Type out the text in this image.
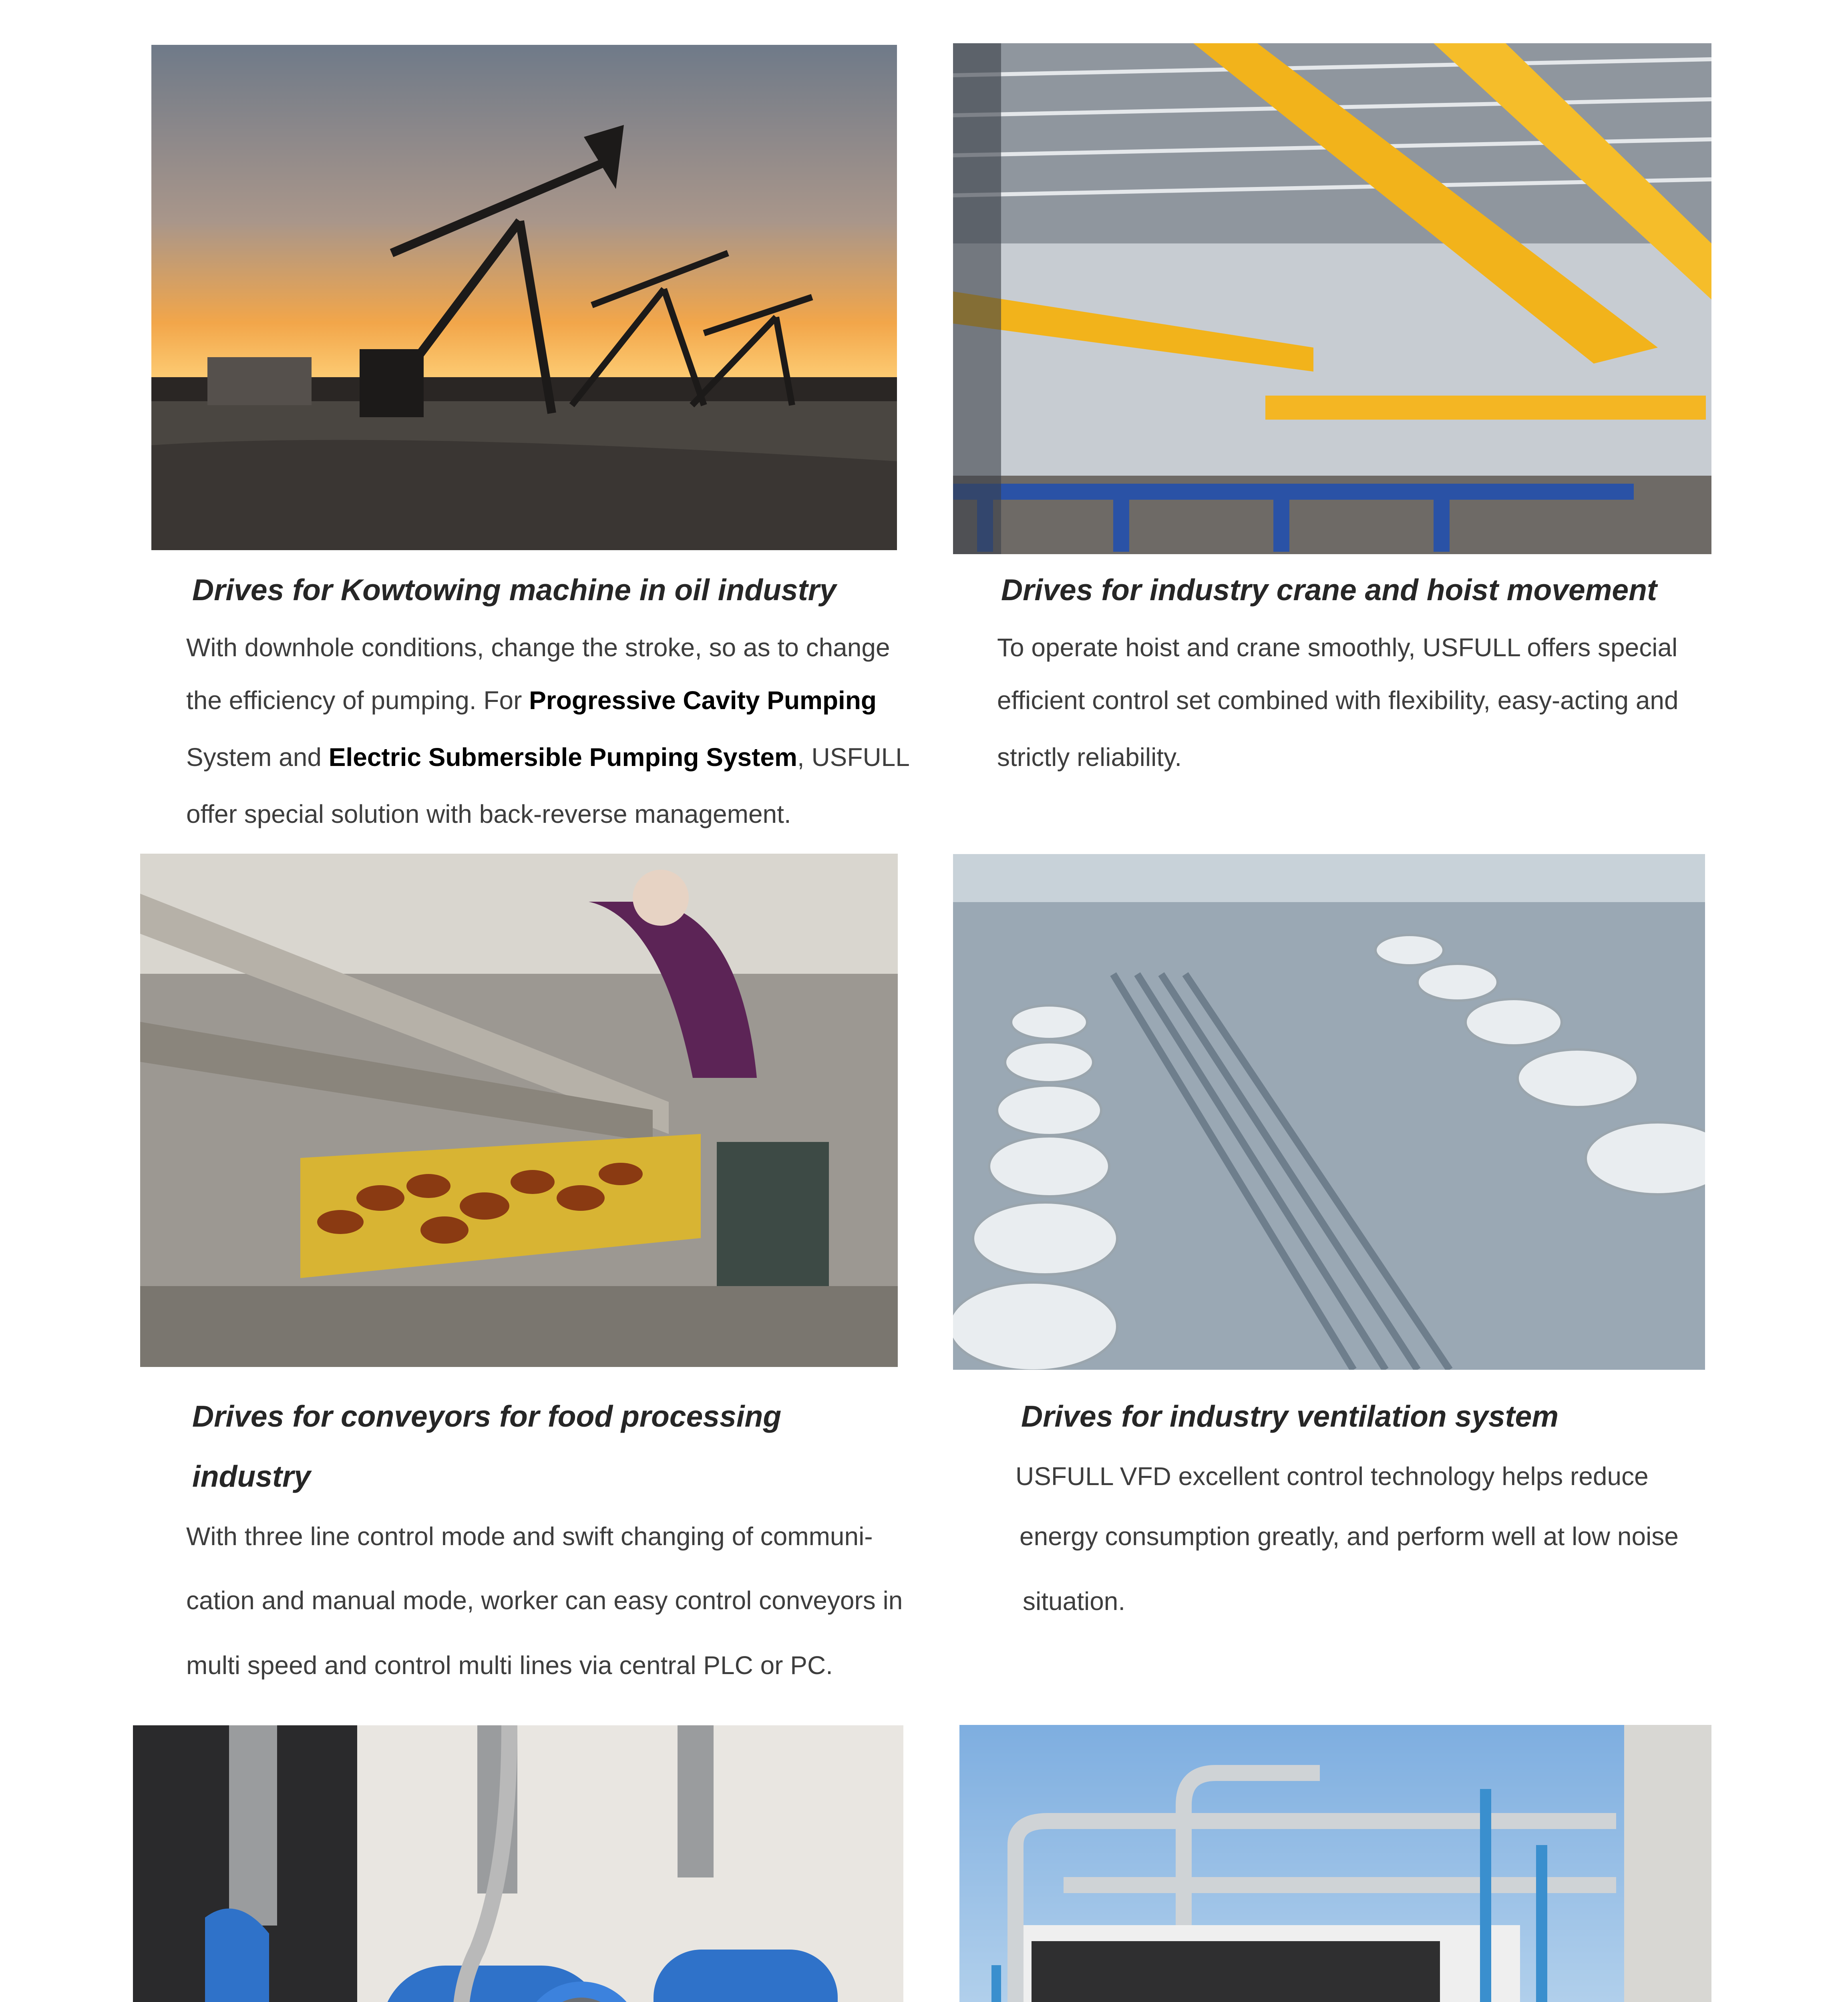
Drives for Kowtowing machine in oil industry
With downhole conditions, change the stroke, so as to change
the efficiency of pumping. For Progressive Cavity Pumping
System and Electric Submersible Pumping System, USFULL
offer special solution with back-reverse management.
Drives for industry crane and hoist movement
To operate hoist and crane smoothly, USFULL offers special
efficient control set combined with flexibility, easy-acting and
strictly reliability.
Drives for conveyors for food processing
industry
With three line control mode and swift changing of communi-
cation and manual mode, worker can easy control conveyors in
multi speed and control multi lines via central PLC or PC.
Drives for industry ventilation system
USFULL VFD excellent control technology helps reduce
energy consumption greatly, and perform well at low noise
situation.
